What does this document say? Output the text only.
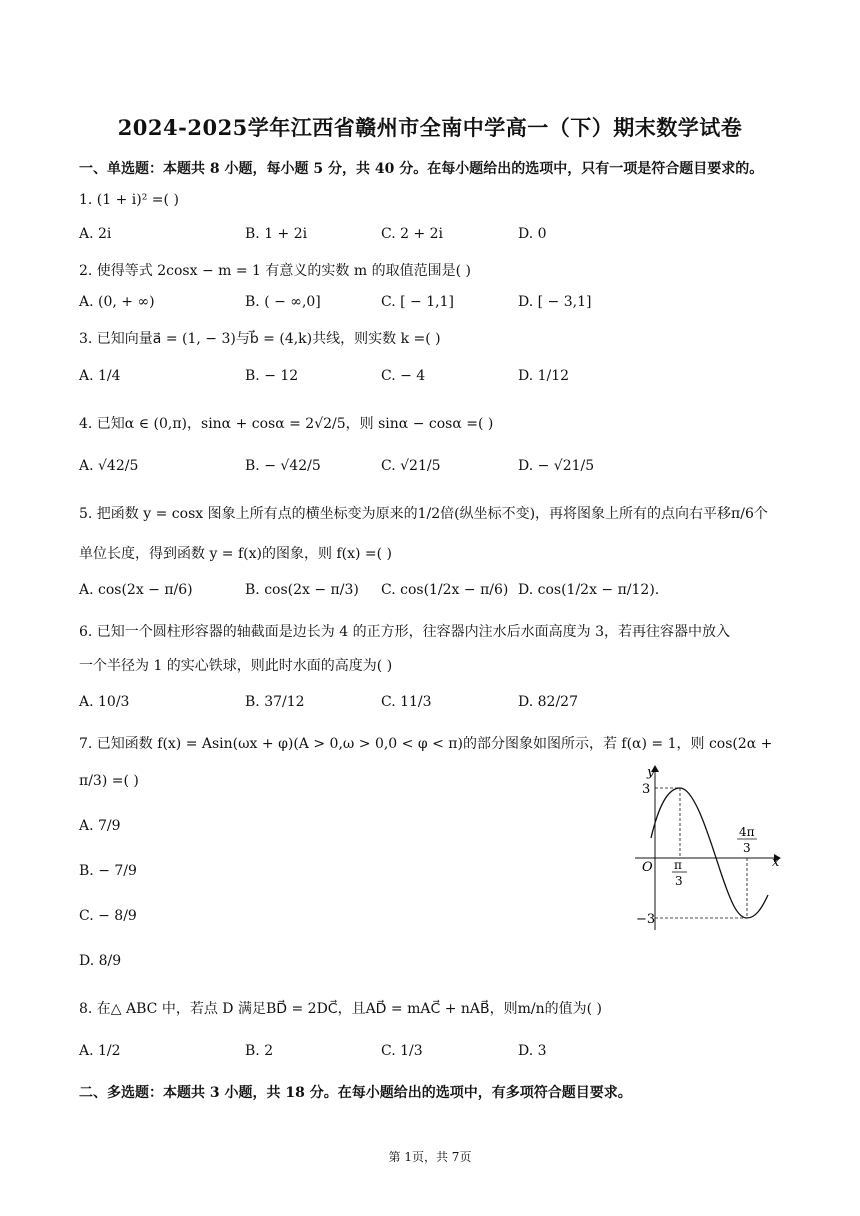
2024-2025学年江西省赣州市全南中学高一（下）期末数学试卷
一、单选题：本题共 8 小题，每小题 5 分，共 40 分。在每小题给出的选项中，只有一项是符合题目要求的。
1. (1 + i)² =( )
A. 2i	B. 1 + 2i	C. 2 + 2i	D. 0
2. 使得等式 2cosx − m = 1 有意义的实数 m 的取值范围是( )
A. (0, + ∞)	B. ( − ∞,0]	C. [ − 1,1]	D. [ − 3,1]
3. 已知向量a⃗ = (1, − 3)与b⃗ = (4,k)共线，则实数 k =( )
A. 1/4	B. − 12	C. − 4	D. 1/12
4. 已知α ∈ (0,π)，sinα + cosα = 2√2/5，则 sinα − cosα =( )
A. √42/5	B. − √42/5	C. √21/5	D. − √21/5
5. 把函数 y = cosx 图象上所有点的横坐标变为原来的1/2倍(纵坐标不变)，再将图象上所有的点向右平移π/6个
单位长度，得到函数 y = f(x)的图象，则 f(x) =( )
A. cos(2x − π/6)	B. cos(2x − π/3) C. cos(1/2x − π/6) D. cos(1/2x − π/12).
6. 已知一个圆柱形容器的轴截面是边长为 4 的正方形，往容器内注水后水面高度为 3，若再往容器中放入
一个半径为 1 的实心铁球，则此时水面的高度为( )
A. 10/3	B. 37/12	C. 11/3	D. 82/27
7. 已知函数 f(x) = Asin(ωx + φ)(A > 0,ω > 0,0 < φ < π)的部分图象如图所示，若 f(α) = 1，则 cos(2α +
π/3) =( )
A. 7/9
B. − 7/9
C. − 8/9
D. 8/9
y
x
O
3
−3
π
3
4π
3
8. 在△ ABC 中，若点 D 满足BD⃗ = 2DC⃗，且AD⃗ = mAC⃗ + nAB⃗，则m/n的值为( )
A. 1/2	B. 2	C. 1/3	D. 3
二、多选题：本题共 3 小题，共 18 分。在每小题给出的选项中，有多项符合题目要求。
第 1页，共 7页
